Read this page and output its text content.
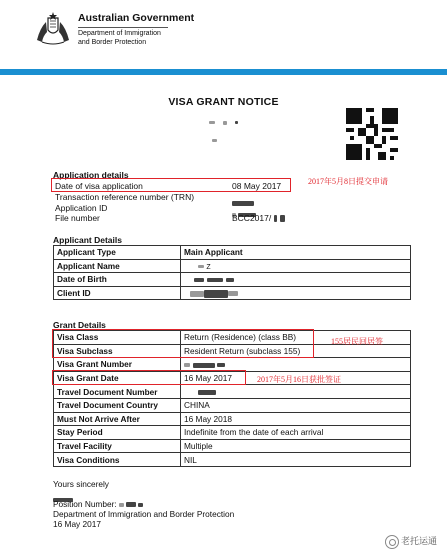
Australian Government
Department of Immigration
and Border Protection
VISA GRANT NOTICE

Application details
Date of visa application	08 May 2017	2017年5月8日提交申请
Transaction reference number (TRN)
Application ID
File number	BCC2017/
Applicant Details
Applicant Type	Main Applicant
Applicant Name	Z
Date of Birth	
Client ID	
Grant Details
Visa Class	Return (Residence) (class BB)
Visa Subclass	Resident Return (subclass 155)
Visa Grant Number	
Visa Grant Date	16 May 2017
Travel Document Number	
Travel Document Country	CHINA
Must Not Arrive After	16 May 2018
Stay Period	Indefinite from the date of each arrival
Travel Facility	Multiple
Visa Conditions	NIL
155居民回居签
2017年5月16日获批签证
Yours sincerely
Position Number:
Department of Immigration and Border Protection
16 May 2017
老托运通
